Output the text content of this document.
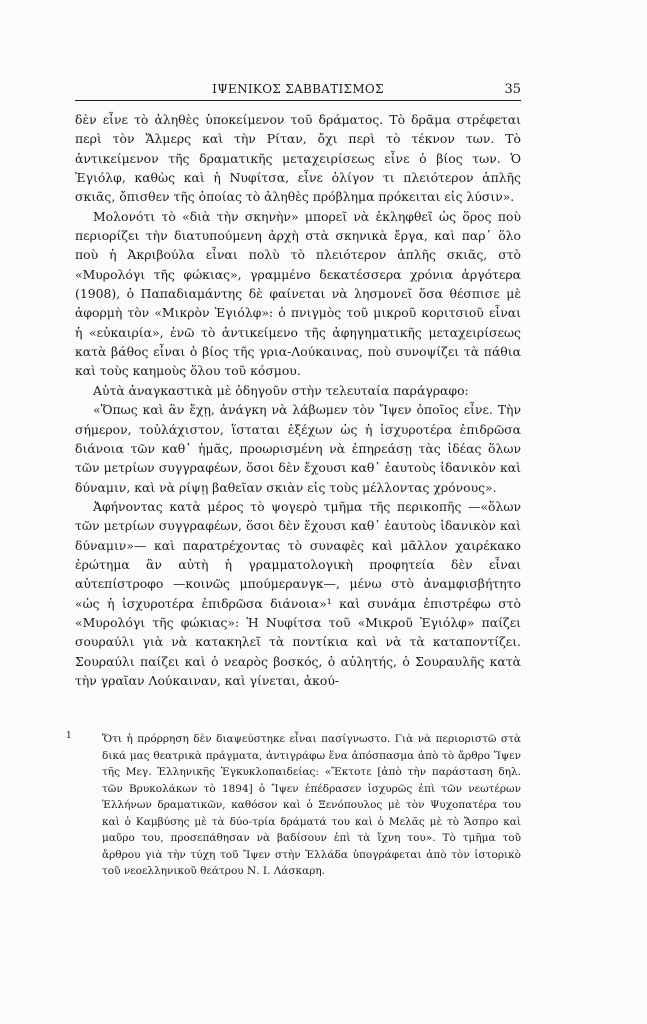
ΙΨΕΝΙΚΟΣ ΣΑΒΒΑΤΙΣΜΟΣ	35

δὲν εἶνε τὸ ἀληθὲς ὑποκείμενον τοῦ δράματος. Τὸ δρᾶμα στρέφεται περὶ τὸν Ἄλμερς καὶ τὴν Ρίταν, ὄχι περὶ τὸ τέκνον των. Τὸ ἀντικείμενον τῆς δραματικῆς μεταχειρίσεως εἶνε ὁ βίος των. Ὁ Ἐγιόλφ, καθὼς καὶ ἡ Νυφίτσα, εἶνε ὀλίγον τι πλειότερον ἁπλῆς σκιᾶς, ὄπισθεν τῆς ὁποίας τὸ ἀληθὲς πρόβλημα πρόκειται εἰς λύσιν».

Μολονότι τὸ «διὰ τὴν σκηνὴν» μπορεῖ νὰ ἐκληφθεῖ ὡς ὅρος ποὺ περιορίζει τὴν διατυπούμενη ἀρχὴ στὰ σκηνικὰ ἔργα, καὶ παρ᾽ ὅλο ποὺ ἡ Ἀκριβούλα εἶναι πολὺ τὸ πλειότερον ἁπλῆς σκιᾶς, στὸ «Μυρολόγι τῆς φώκιας», γραμμένο δεκατέσσερα χρόνια ἀργότερα (1908), ὁ Παπαδιαμάντης δὲ φαίνεται νὰ λησμονεῖ ὅσα θέσπισε μὲ ἀφορμὴ τὸν «Μικρὸν Ἐγιόλφ»: ὁ πνιγμὸς τοῦ μικροῦ κοριτσιοῦ εἶναι ἡ «εὐκαιρία», ἐνῶ τὸ ἀντικείμενο τῆς ἀφηγηματικῆς μεταχειρίσεως κατὰ βάθος εἶναι ὁ βίος τῆς γρια-Λούκαινας, ποὺ συνοψίζει τὰ πάθια καὶ τοὺς καημοὺς ὅλου τοῦ κόσμου.

Αὐτὰ ἀναγκαστικὰ μὲ ὁδηγοῦν στὴν τελευταία παράγραφο:

«Ὅπως καὶ ἂν ἔχῃ, ἀνάγκη νὰ λάβωμεν τὸν Ἴψεν ὁποῖος εἶνε. Τὴν σήμερον, τοὐλάχιστον, ἵσταται ἐξέχων ὡς ἡ ἰσχυροτέρα ἐπιδρῶσα διάνοια τῶν καθ᾽ ἡμᾶς, προωρισμένη νὰ ἐπηρεάσῃ τὰς ἰδέας ὅλων τῶν μετρίων συγγραφέων, ὅσοι δὲν ἔχουσι καθ᾽ ἑαυτοὺς ἰδανικὸν καὶ δύναμιν, καὶ νὰ ρίψῃ βαθεῖαν σκιὰν εἰς τοὺς μέλλοντας χρόνους».

Ἀφήνοντας κατὰ μέρος τὸ ψογερὸ τμῆμα τῆς περικοπῆς —«ὅλων τῶν μετρίων συγγραφέων, ὅσοι δὲν ἔχουσι καθ᾽ ἑαυτοὺς ἰδανικὸν καὶ δύναμιν»— καὶ παρατρέχοντας τὸ συναφὲς καὶ μᾶλλον χαιρέκακο ἐρώτημα ἂν αὐτὴ ἡ γραμματολογικὴ προφητεία δὲν εἶναι αὐτεπίστροφο —κοινῶς μπούμερανγκ—, μένω στὸ ἀναμφισβήτητο «ὡς ἡ ἰσχυροτέρα ἐπιδρῶσα διάνοια»¹ καὶ συνάμα ἐπιστρέφω στὸ «Μυρολόγι τῆς φώκιας»: Ἡ Νυφίτσα τοῦ «Μικροῦ Ἐγιόλφ» παίζει σουραύλι γιὰ νὰ κατακηλεῖ τὰ ποντίκια καὶ νὰ τὰ καταποντίζει. Σουραύλι παίζει καὶ ὁ νεαρὸς βοσκός, ὁ αὐλητής, ὁ Σουραυλῆς κατὰ τὴν γραῖαν Λούκαιναν, καὶ γίνεται, ἀκού-

1	Ὅτι ἡ πρόρρηση δὲν διαψεύστηκε εἶναι πασίγνωστο. Γιὰ νὰ περιοριστῶ στὰ δικά μας θεατρικὰ πράγματα, ἀντιγράφω ἕνα ἀπόσπασμα ἀπὸ τὸ ἄρθρο Ἴψεν τῆς Μεγ. Ἑλληνικῆς Ἐγκυκλοπαιδείας: «Ἔκτοτε [ἀπὸ τὴν παράσταση δηλ. τῶν Βρυκολάκων τὸ 1894] ὁ Ἴψεν ἐπέδρασεν ἰσχυρῶς ἐπὶ τῶν νεωτέρων Ἑλλήνων δραματικῶν, καθόσον καὶ ὁ Ξενόπουλος μὲ τὸν Ψυχοπατέρα του καὶ ὁ Καμβύσης μὲ τὰ δύο-τρία δράματά του καὶ ὁ Μελᾶς μὲ τὸ Ἄσπρο καὶ μαῦρο του, προσεπάθησαν νὰ βαδίσουν ἐπὶ τὰ ἴχνη του». Τὸ τμῆμα τοῦ ἄρθρου γιὰ τὴν τύχη τοῦ Ἴψεν στὴν Ἑλλάδα ὑπογράφεται ἀπὸ τὸν ἱστορικὸ τοῦ νεοελληνικοῦ θεάτρου Ν. Ι. Λάσκαρη.
